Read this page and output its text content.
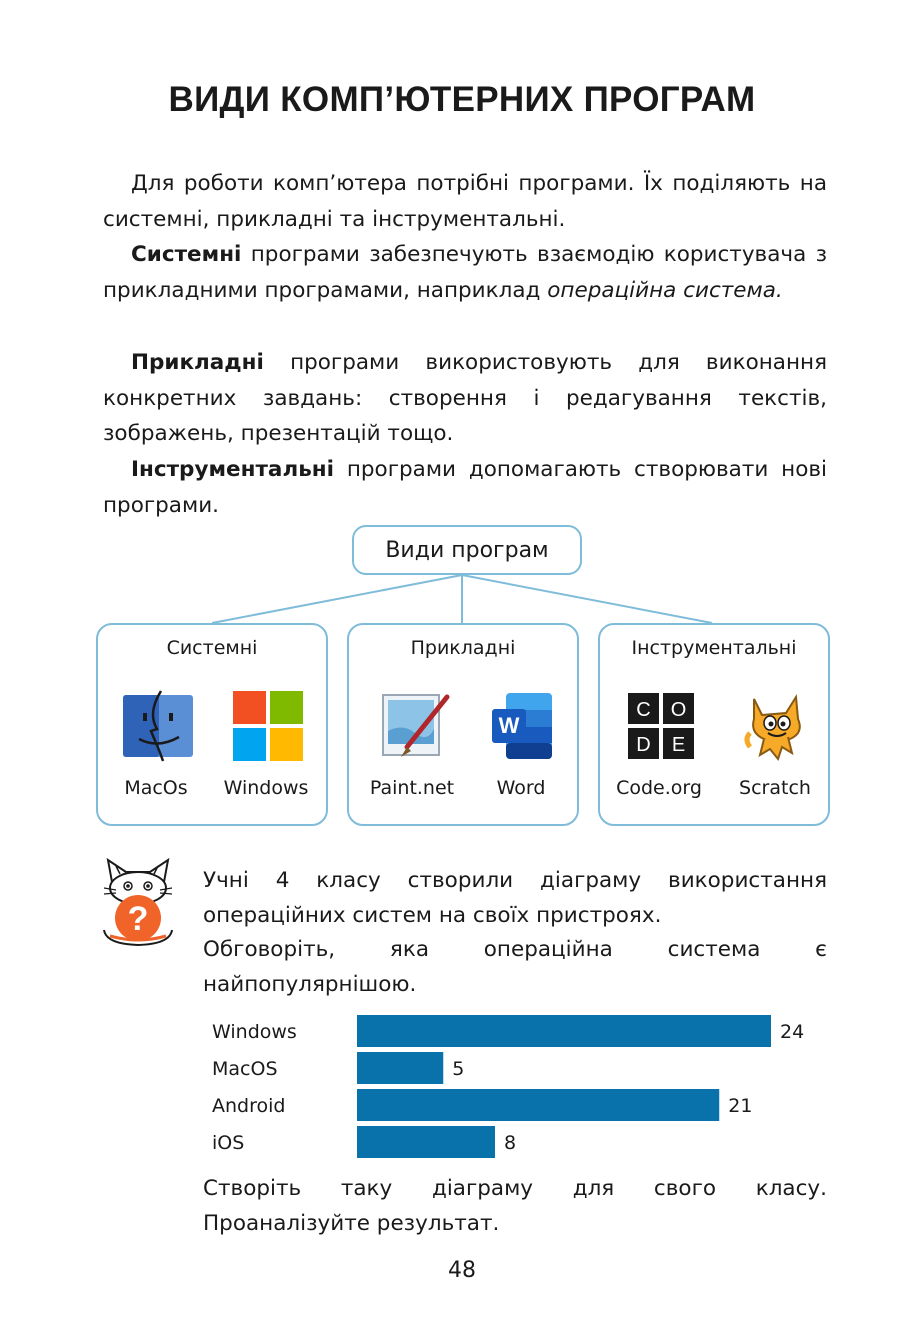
ВИДИ КОМП’ЮТЕРНИХ ПРОГРАМ

Для роботи комп’ютера потрібні програми. Їх поділяють на системні, прикладні та інструментальні.

Системні програми забезпечують взаємодію користувача з прикладними програмами, наприклад операційна система.

Прикладні програми використовують для виконання конкретних завдань: створення і редагування текстів, зображень, презентацій тощо.

Інструментальні програми допомагають створювати нові програми.

Види програм
Системні
MacOs	Windows
Прикладні
Paint.net
W
Word
Інструментальні
C O
D E
Code.org	Scratch
?

Учні 4 класу створили діаграму використання операційних систем на своїх пристроях.

Обговоріть, яка операційна система є найпопулярнішою.

Windows	24
MacOS	5
Android	21
iOS	8

Створіть таку діаграму для свого класу. Проаналізуйте результат.

48
